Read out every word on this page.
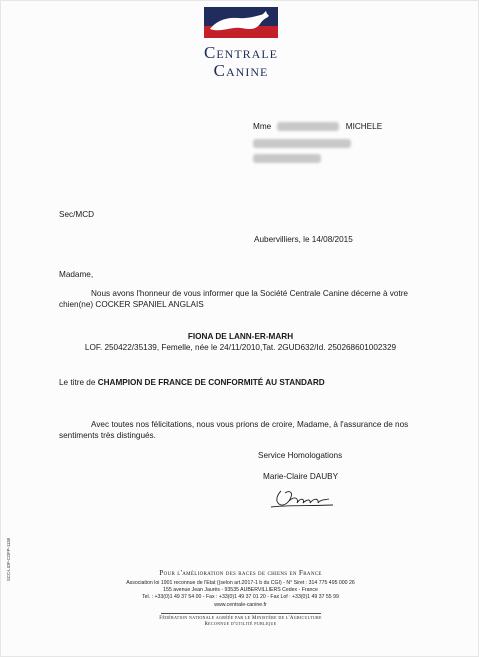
Centrale
Canine
Mme	MICHELE
Sec/MCD
Aubervilliers, le 14/08/2015
Madame,
Nous avons l'honneur de vous informer que la Société Centrale Canine décerne à votre
chien(ne) COCKER SPANIEL ANGLAIS
FIONA DE LANN-ER-MARH
LOF. 250422/35139, Femelle, née le 24/11/2010,Tat. 2GUD632/Id. 250268601002329
Le titre de CHAMPION DE FRANCE DE CONFORMITÉ AU STANDARD
Avec toutes nos félicitations, nous vous prions de croire, Madame, à l'assurance de nos
sentiments très distingués.
Service Homologations
Marie-Claire DAUBY
Pour l'amélioration des races de chiens en France
Association loi 1901 reconnue de l'Etat ((selon art.2017-1 b du CGI) - N° Siret : 314 775 495 000 26
155 avenue Jean Jaurès - 93535 AUBERVILLIERS Cedex - France
Tel. : +33(0)1 49 37 54 00 - Fax : +33(0)1 49 37 01 20 - Fax Lof : +33(0)1 49 37 55 99
www.centrale-canine.fr
Fédération nationale agréée par le Ministère de l'Agriculture
Reconnue d'utilité publique
SCC-LIOF-COFP-1138
